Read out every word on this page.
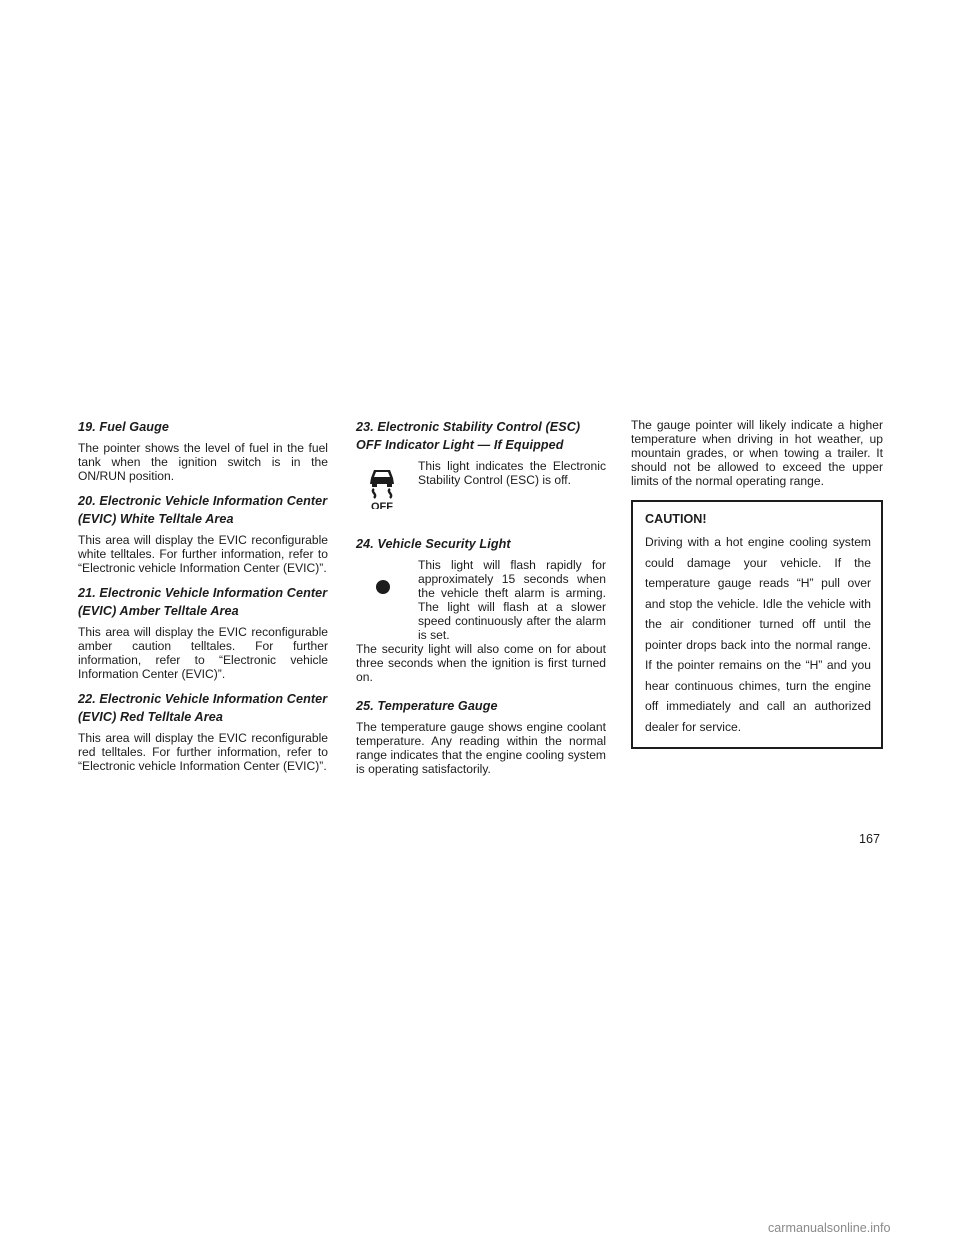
19. Fuel Gauge

The pointer shows the level of fuel in the fuel tank when the ignition switch is in the ON/RUN position.

20. Electronic Vehicle Information Center (EVIC) White Telltale Area

This area will display the EVIC reconfigurable white telltales. For further information, refer to “Electronic vehicle Information Center (EVIC)”.

21. Electronic Vehicle Information Center (EVIC) Amber Telltale Area

This area will display the EVIC reconfigurable amber caution telltales. For further information, refer to “Electronic vehicle Information Center (EVIC)”.

22. Electronic Vehicle Information Center (EVIC) Red Telltale Area

This area will display the EVIC reconfigurable red telltales. For further information, refer to “Electronic vehicle Information Center (EVIC)”.

23. Electronic Stability Control (ESC) OFF Indicator Light — If Equipped
OFF
This light indicates the Electronic Stability Control (ESC) is off.
24. Vehicle Security Light
This light will flash rapidly for approximately 15 seconds when the vehicle theft alarm is arming. The light will flash at a slower speed continuously after the alarm is set.

The security light will also come on for about three seconds when the ignition is first turned on.

25. Temperature Gauge

The temperature gauge shows engine coolant temperature. Any reading within the normal range indicates that the engine cooling system is operating satisfactorily.

The gauge pointer will likely indicate a higher temperature when driving in hot weather, up mountain grades, or when towing a trailer. It should not be allowed to exceed the upper limits of the normal operating range.

CAUTION!

Driving with a hot engine cooling system could damage your vehicle. If the temperature gauge reads “H” pull over and stop the vehicle. Idle the vehicle with the air conditioner turned off until the pointer drops back into the normal range. If the pointer remains on the “H” and you hear continuous chimes, turn the engine off immediately and call an authorized dealer for service.

167
carmanualsonline.info
